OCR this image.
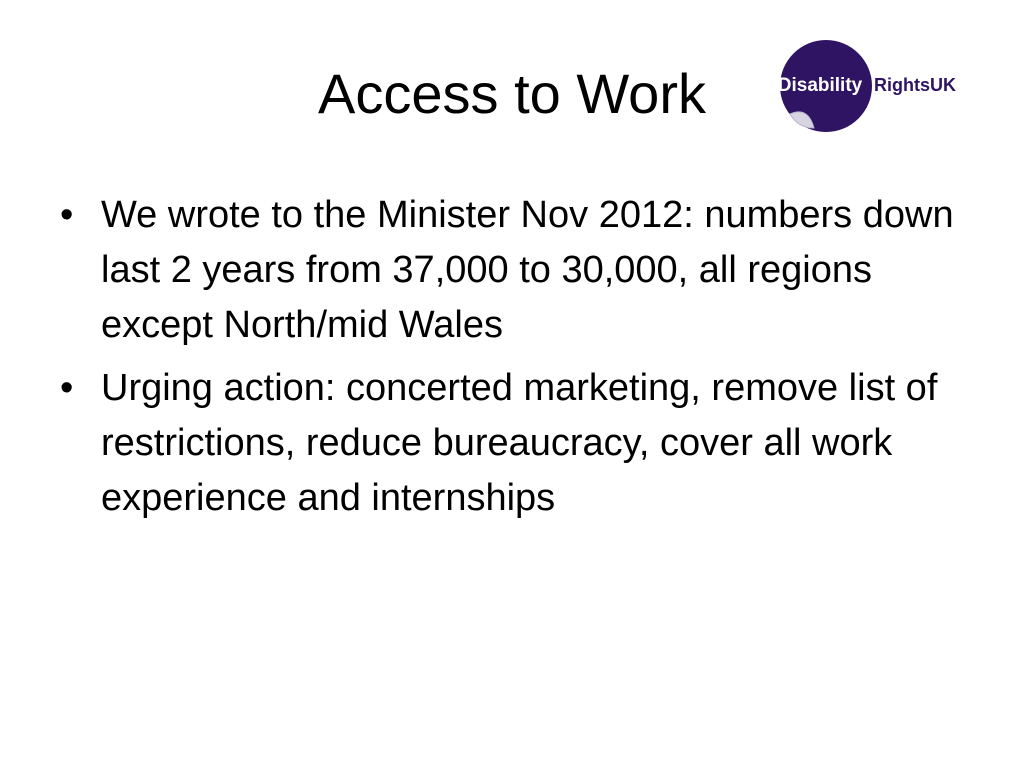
Access to Work	Disability RightsUK
• We wrote to the Minister Nov 2012: numbers down last 2 years from 37,000 to 30,000, all regions except North/mid Wales
• Urging action: concerted marketing, remove list of restrictions, reduce bureaucracy, cover all work experience and internships
